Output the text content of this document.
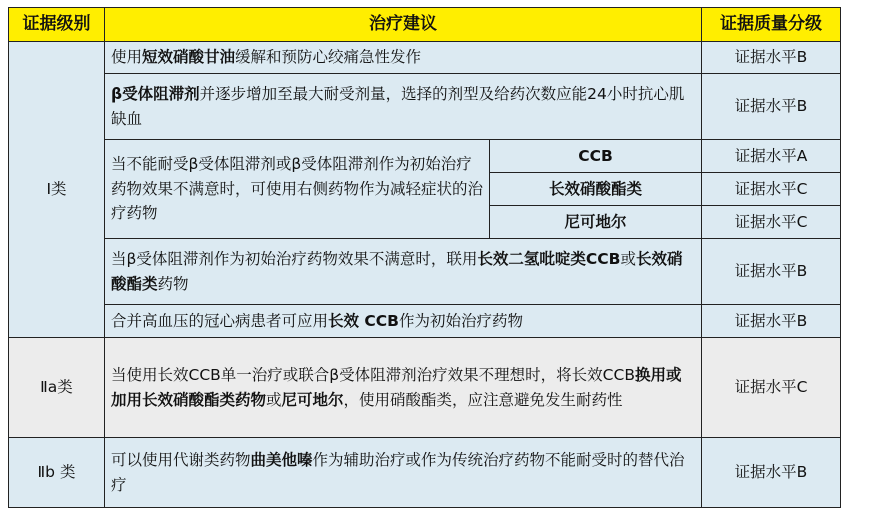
证据级别	治疗建议		证据质量分级
Ⅰ类	使用短效硝酸甘油缓解和预防心绞痛急性发作		证据水平B
	β受体阻滞剂并逐步增加至最大耐受剂量，选择的剂型及给药次数应能24小时抗心肌缺血		证据水平B
	当不能耐受β受体阻滞剂或β受体阻滞剂作为初始治疗药物效果不满意时，可使用右侧药物作为减轻症状的治疗药物	CCB	证据水平A
		长效硝酸酯类	证据水平C
		尼可地尔	证据水平C
	当β受体阻滞剂作为初始治疗药物效果不满意时，联用长效二氢吡啶类CCB或长效硝酸酯类药物		证据水平B
	合并高血压的冠心病患者可应用长效 CCB作为初始治疗药物		证据水平B
Ⅱa类	当使用长效CCB单一治疗或联合β受体阻滞剂治疗效果不理想时，将长效CCB换用或加用长效硝酸酯类药物或尼可地尔，使用硝酸酯类，应注意避免发生耐药性		证据水平C
Ⅱb 类	可以使用代谢类药物曲美他嗪作为辅助治疗或作为传统治疗药物不能耐受时的替代治疗		证据水平B
